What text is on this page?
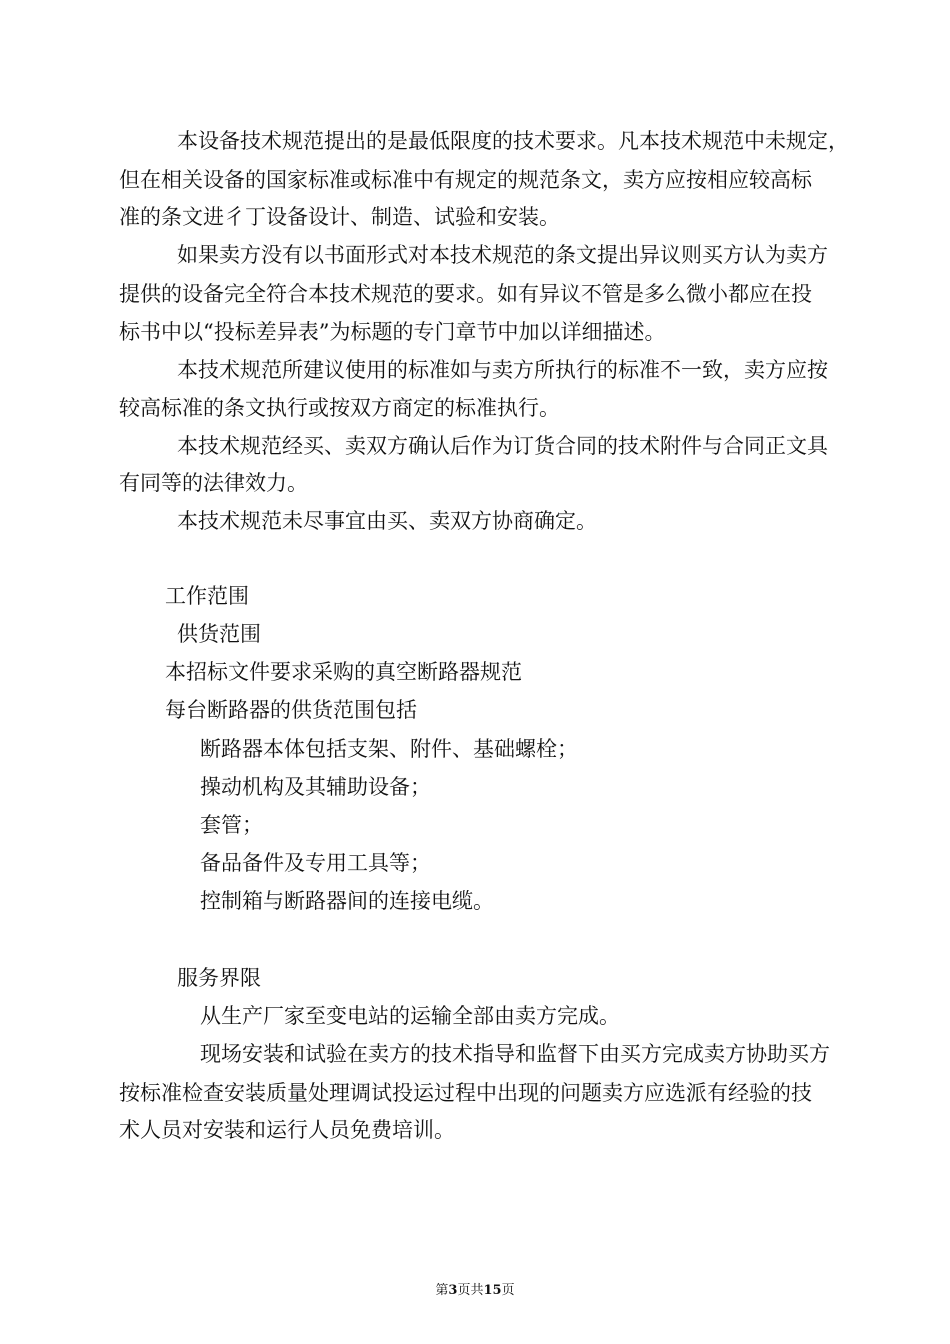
本设备技术规范提出的是最低限度的技术要求。凡本技术规范中未规定，
但在相关设备的国家标准或标准中有规定的规范条文，卖方应按相应较高标
准的条文进彳丁设备设计、制造、试验和安装。
如果卖方没有以书面形式对本技术规范的条文提出异议则买方认为卖方
提供的设备完全符合本技术规范的要求。如有异议不管是多么微小都应在投
标书中以“投标差异表”为标题的专门章节中加以详细描述。
本技术规范所建议使用的标准如与卖方所执行的标准不一致，卖方应按
较高标准的条文执行或按双方商定的标准执行。
本技术规范经买、卖双方确认后作为订货合同的技术附件与合同正文具
有同等的法律效力。
本技术规范未尽事宜由买、卖双方协商确定。
工作范围
供货范围
本招标文件要求采购的真空断路器规范
每台断路器的供货范围包括
断路器本体包括支架、附件、基础螺栓；
操动机构及其辅助设备；
套管；
备品备件及专用工具等；
控制箱与断路器间的连接电缆。
服务界限
从生产厂家至变电站的运输全部由卖方完成。
现场安装和试验在卖方的技术指导和监督下由买方完成卖方协助买方
按标准检查安装质量处理调试投运过程中出现的问题卖方应选派有经验的技
术人员对安装和运行人员免费培训。
第3页共15页
